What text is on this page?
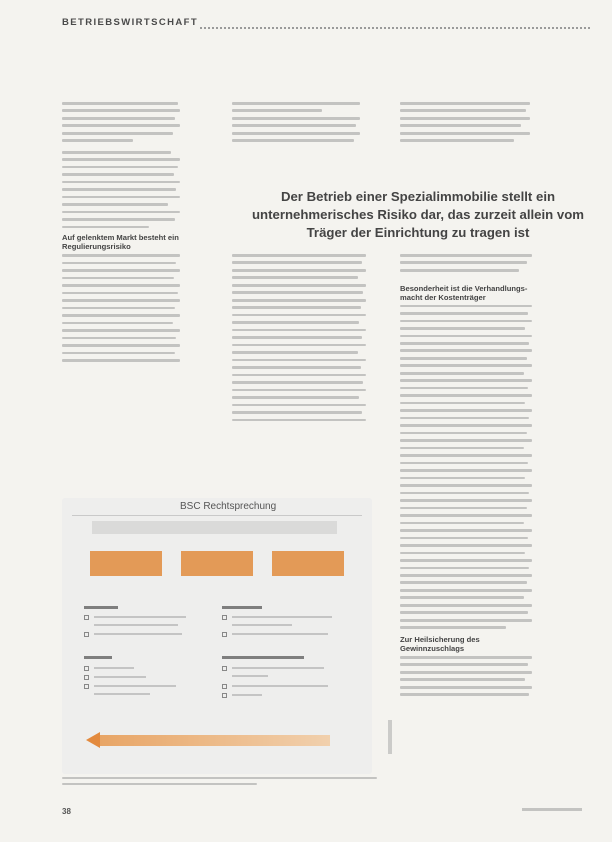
BETRIEBSWIRTSCHAFT
Auf gelenktem Markt besteht ein Regulierungsrisiko
Der Betrieb einer Spezialimmobilie stellt ein unternehmerisches Risiko dar, das zurzeit allein vom Träger der Einrichtung zu tragen ist
Besonderheit ist die Verhandlungs-macht der Kostenträger
Zur Heilsicherung des Gewinnzuschlags
BSC Rechtsprechung
38
